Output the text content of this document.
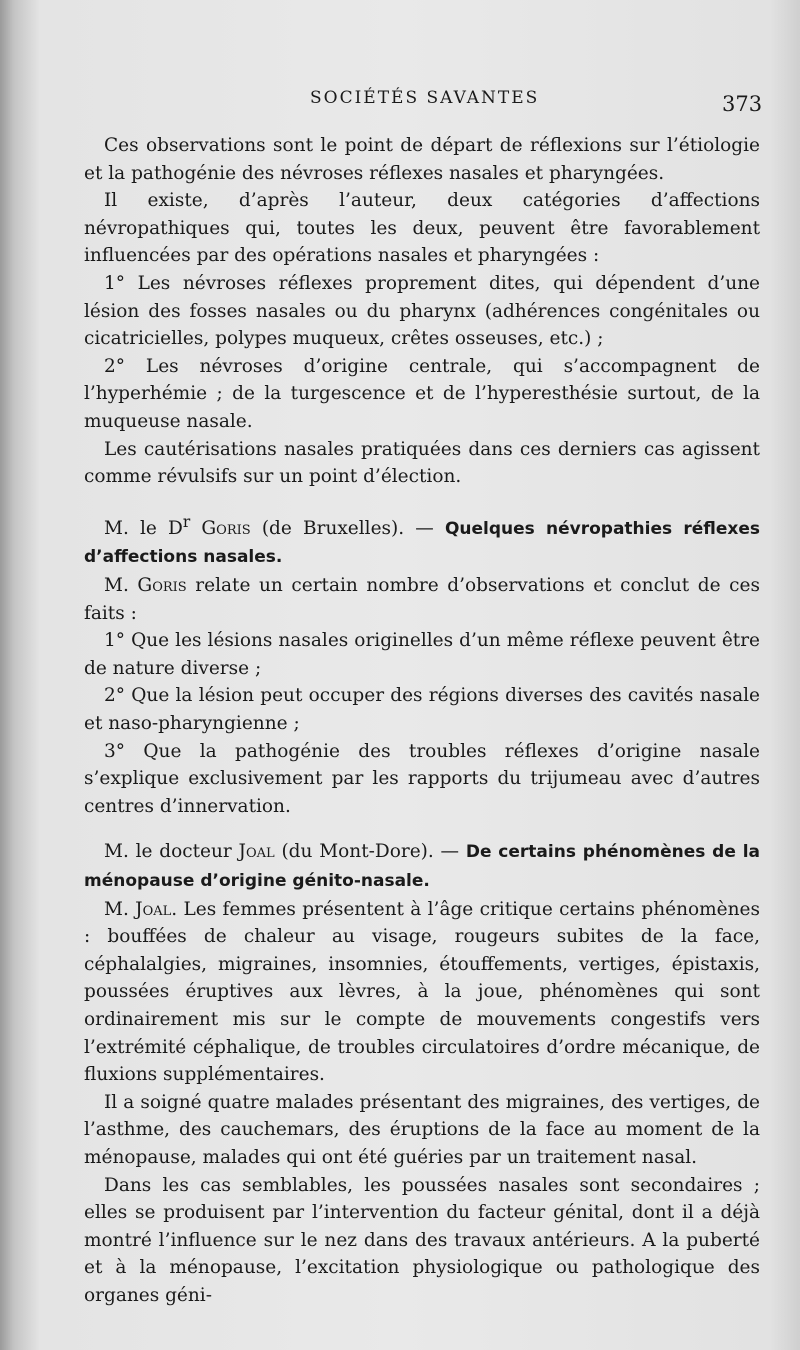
SOCIÉTÉS SAVANTES	373

Ces observations sont le point de départ de réflexions sur l’étiologie et la pathogénie des névroses réflexes nasales et pharyngées.

Il existe, d’après l’auteur, deux catégories d’affections névropathiques qui, toutes les deux, peuvent être favorablement influencées par des opérations nasales et pharyngées :

1° Les névroses réflexes proprement dites, qui dépendent d’une lésion des fosses nasales ou du pharynx (adhérences congénitales ou cicatricielles, polypes muqueux, crêtes osseuses, etc.) ;

2° Les névroses d’origine centrale, qui s’accompagnent de l’hyperhémie ; de la turgescence et de l’hyperesthésie surtout, de la muqueuse nasale.

Les cautérisations nasales pratiquées dans ces derniers cas agissent comme révulsifs sur un point d’élection.

M. le $D^r$ Goris (de Bruxelles). — Quelques névropathies réflexes d’affections nasales.

M. Goris relate un certain nombre d’observations et conclut de ces faits :

1° Que les lésions nasales originelles d’un même réflexe peuvent être de nature diverse ;

2° Que la lésion peut occuper des régions diverses des cavités nasale et naso-pharyngienne ;

3° Que la pathogénie des troubles réflexes d’origine nasale s’explique exclusivement par les rapports du trijumeau avec d’autres centres d’innervation.

M. le docteur Joal (du Mont-Dore). — De certains phénomènes de la ménopause d’origine génito-nasale.

M. Joal. Les femmes présentent à l’âge critique certains phénomènes : bouffées de chaleur au visage, rougeurs subites de la face, céphalalgies, migraines, insomnies, étouffements, vertiges, épistaxis, poussées éruptives aux lèvres, à la joue, phénomènes qui sont ordinairement mis sur le compte de mouvements congestifs vers l’extrémité céphalique, de troubles circulatoires d’ordre mécanique, de fluxions supplémentaires.

Il a soigné quatre malades présentant des migraines, des vertiges, de l’asthme, des cauchemars, des éruptions de la face au moment de la ménopause, malades qui ont été guéries par un traitement nasal.

Dans les cas semblables, les poussées nasales sont secondaires ; elles se produisent par l’intervention du facteur génital, dont il a déjà montré l’influence sur le nez dans des travaux antérieurs. A la puberté et à la ménopause, l’excitation physiologique ou pathologique des organes géni-
